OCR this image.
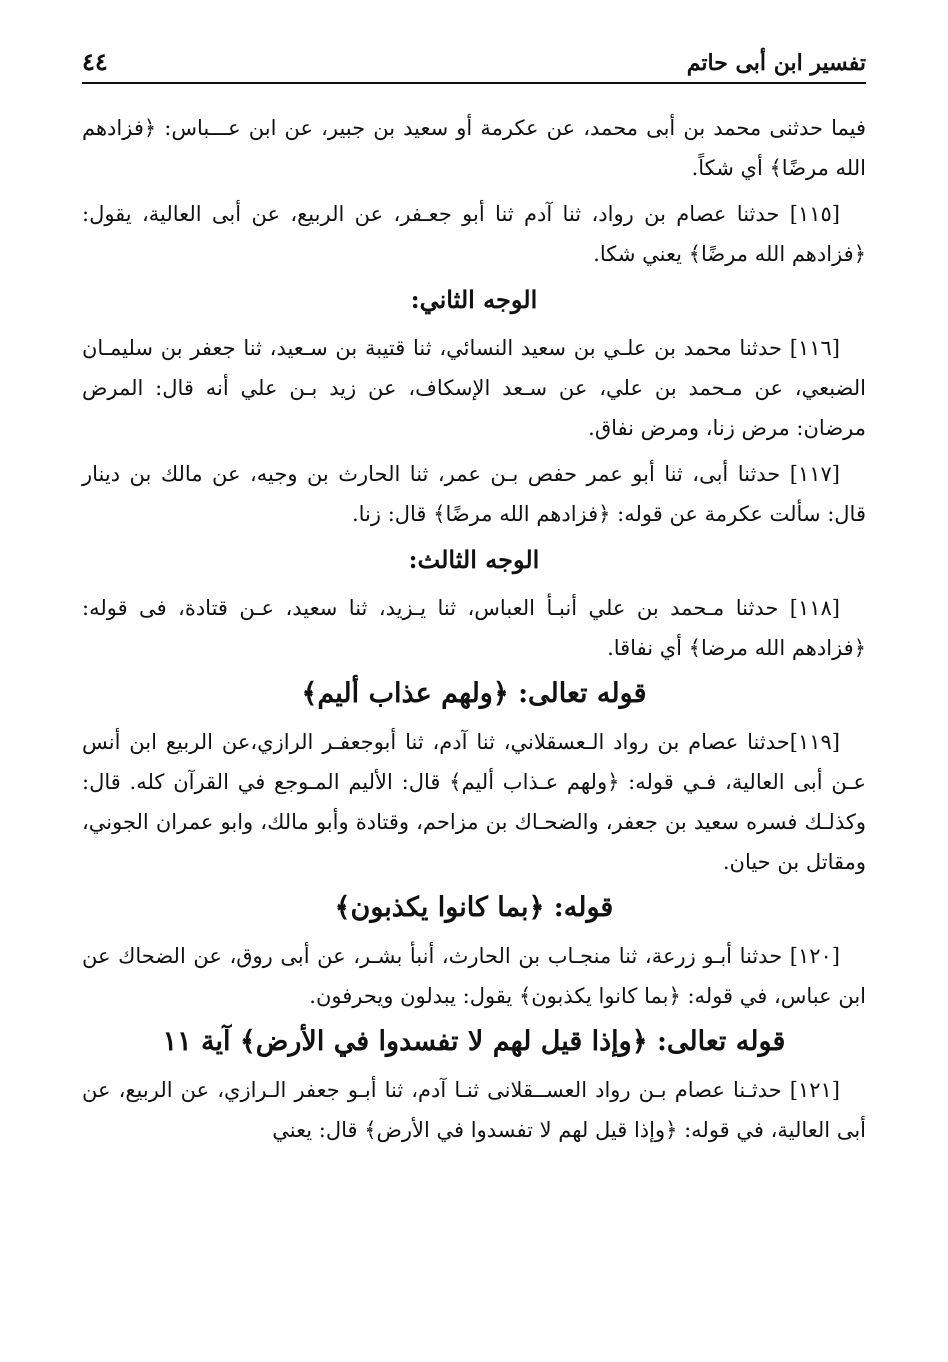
تفسير ابن أبى حاتم
٤٤

فيما حدثنى محمد بن أبى محمد، عن عكرمة أو سعيد بن جبير، عن ابن عـــباس: ﴿فزادهم الله مرضًا﴾ أي شكاً.

[١١٥] حدثنا عصام بن رواد، ثنا آدم ثنا أبو جعـفر، عن الربيع، عن أبى العالية، يقول: ﴿فزادهم الله مرضًا﴾ يعني شكا.

الوجه الثاني:

[١١٦] حدثنا محمد بن علـي بن سعيد النسائي، ثنا قتيبة بن سـعيد، ثنا جعفر بن سليمـان الضبعي، عن مـحمد بن علي، عن سـعد الإسكاف، عن زيد بـن علي أنه قال: المرض مرضان: مرض زنا، ومرض نفاق.

[١١٧] حدثنا أبى، ثنا أبو عمر حفص بـن عمر، ثنا الحارث بن وجيه، عن مالك بن دينار قال: سألت عكرمة عن قوله: ﴿فزادهم الله مرضًا﴾ قال: زنا.

الوجه الثالث:

[١١٨] حدثنا مـحمد بن علي أنبـأ العباس، ثنا يـزيد، ثنا سعيد، عـن قتادة، فى قوله: ﴿فزادهم الله مرضا﴾ أي نفاقا.

قوله تعالى: ﴿ولهم عذاب أليم﴾

[١١٩]حدثنا عصام بن رواد الـعسقلاني، ثنا آدم، ثنا أبوجعفـر الرازي،عن الربيع ابن أنس عـن أبى العالية، فـي قوله: ﴿ولهم عـذاب أليم﴾ قال: الأليم المـوجع في القرآن كله. قال: وكذلـك فسره سعيد بن جعفر، والضحـاك بن مزاحم، وقتادة وأبو مالك، وابو عمران الجوني، ومقاتل بن حيان.

قوله: ﴿بما كانوا يكذبون﴾

[١٢٠] حدثنا أبـو زرعة، ثنا منجـاب بن الحارث، أنبأ بشـر، عن أبى روق، عن الضحاك عن ابن عباس، في قوله: ﴿بما كانوا يكذبون﴾ يقول: يبدلون ويحرفون.

قوله تعالى: ﴿وإذا قيل لهم لا تفسدوا في الأرض﴾ آية ١١

[١٢١] حدثـنا عصام بـن رواد العســقلانى ثنـا آدم، ثنا أبـو جعفر الـرازي، عن الربيع، عن أبى العالية، في قوله: ﴿وإذا قيل لهم لا تفسدوا في الأرض﴾ قال: يعني
